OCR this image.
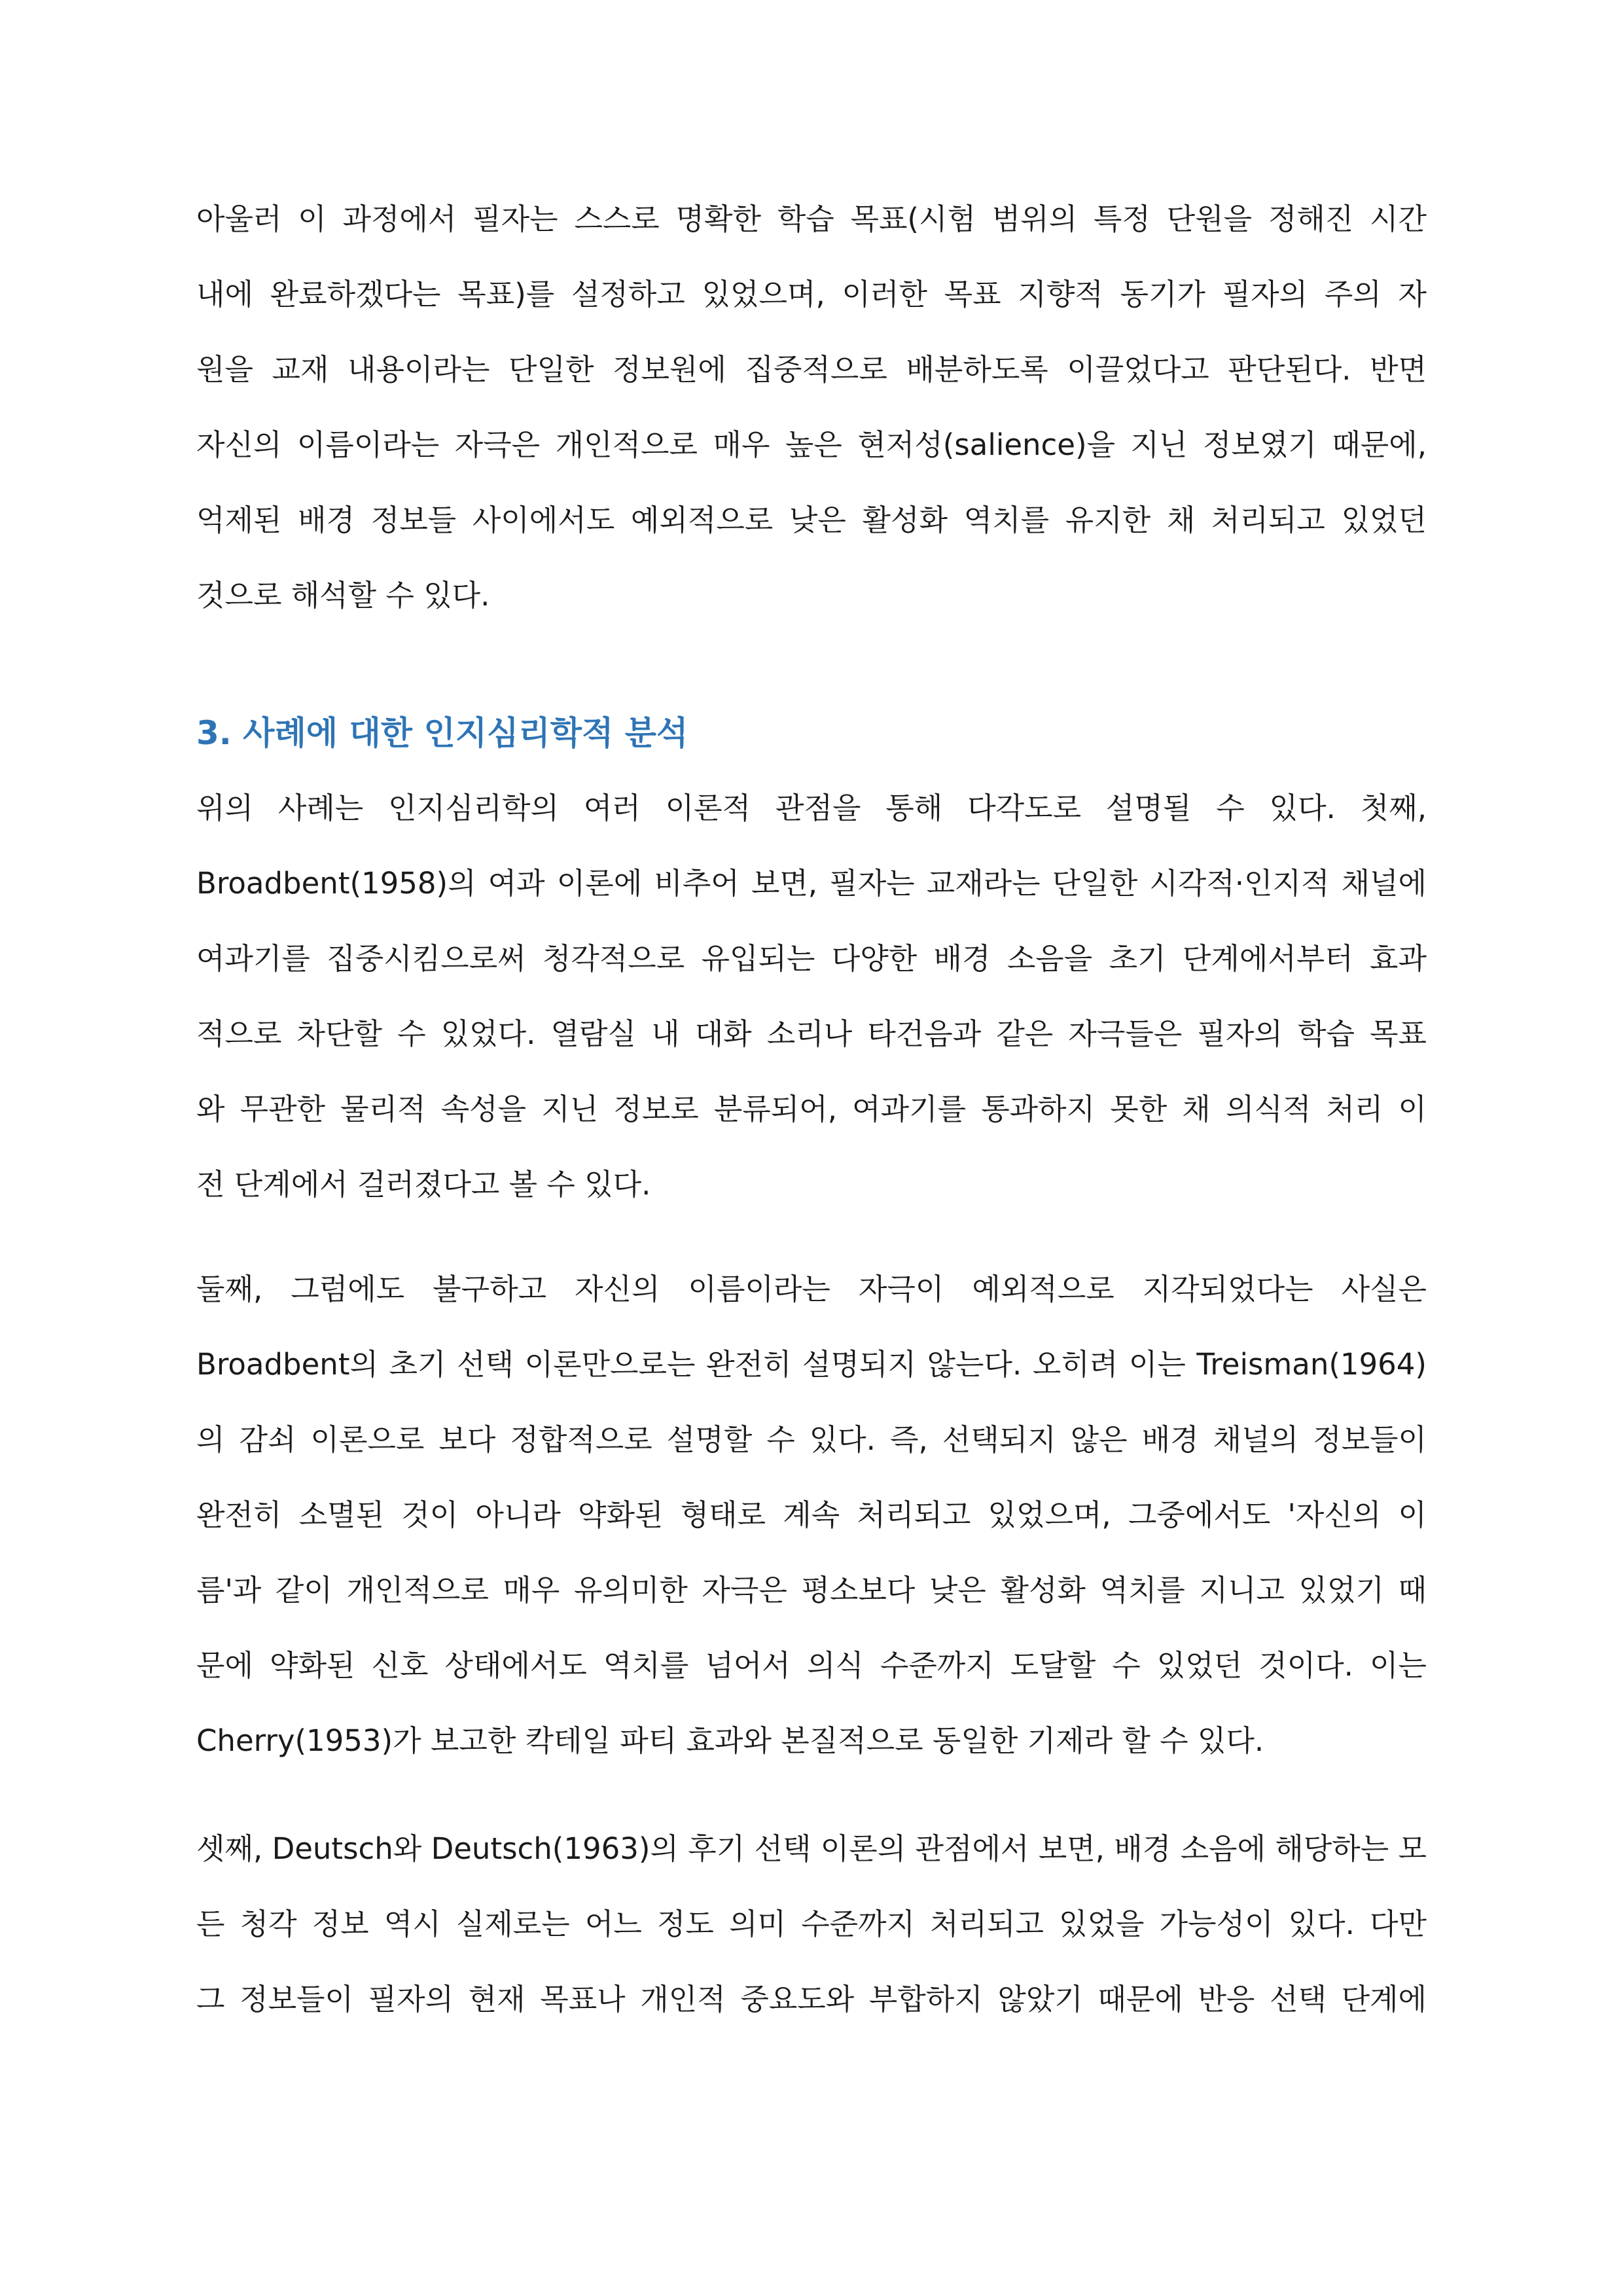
아울러 이 과정에서 필자는 스스로 명확한 학습 목표(시험 범위의 특정 단원을 정해진 시간
내에 완료하겠다는 목표)를 설정하고 있었으며, 이러한 목표 지향적 동기가 필자의 주의 자
원을 교재 내용이라는 단일한 정보원에 집중적으로 배분하도록 이끌었다고 판단된다. 반면
자신의 이름이라는 자극은 개인적으로 매우 높은 현저성(salience)을 지닌 정보였기 때문에,
억제된 배경 정보들 사이에서도 예외적으로 낮은 활성화 역치를 유지한 채 처리되고 있었던
것으로 해석할 수 있다.
3. 사례에 대한 인지심리학적 분석
위의 사례는 인지심리학의 여러 이론적 관점을 통해 다각도로 설명될 수 있다. 첫째,
Broadbent(1958)의 여과 이론에 비추어 보면, 필자는 교재라는 단일한 시각적·인지적 채널에
여과기를 집중시킴으로써 청각적으로 유입되는 다양한 배경 소음을 초기 단계에서부터 효과
적으로 차단할 수 있었다. 열람실 내 대화 소리나 타건음과 같은 자극들은 필자의 학습 목표
와 무관한 물리적 속성을 지닌 정보로 분류되어, 여과기를 통과하지 못한 채 의식적 처리 이
전 단계에서 걸러졌다고 볼 수 있다.
둘째, 그럼에도 불구하고 자신의 이름이라는 자극이 예외적으로 지각되었다는 사실은
Broadbent의 초기 선택 이론만으로는 완전히 설명되지 않는다. 오히려 이는 Treisman(1964)
의 감쇠 이론으로 보다 정합적으로 설명할 수 있다. 즉, 선택되지 않은 배경 채널의 정보들이
완전히 소멸된 것이 아니라 약화된 형태로 계속 처리되고 있었으며, 그중에서도 '자신의 이
름'과 같이 개인적으로 매우 유의미한 자극은 평소보다 낮은 활성화 역치를 지니고 있었기 때
문에 약화된 신호 상태에서도 역치를 넘어서 의식 수준까지 도달할 수 있었던 것이다. 이는
Cherry(1953)가 보고한 칵테일 파티 효과와 본질적으로 동일한 기제라 할 수 있다.
셋째, Deutsch와 Deutsch(1963)의 후기 선택 이론의 관점에서 보면, 배경 소음에 해당하는 모
든 청각 정보 역시 실제로는 어느 정도 의미 수준까지 처리되고 있었을 가능성이 있다. 다만
그 정보들이 필자의 현재 목표나 개인적 중요도와 부합하지 않았기 때문에 반응 선택 단계에
